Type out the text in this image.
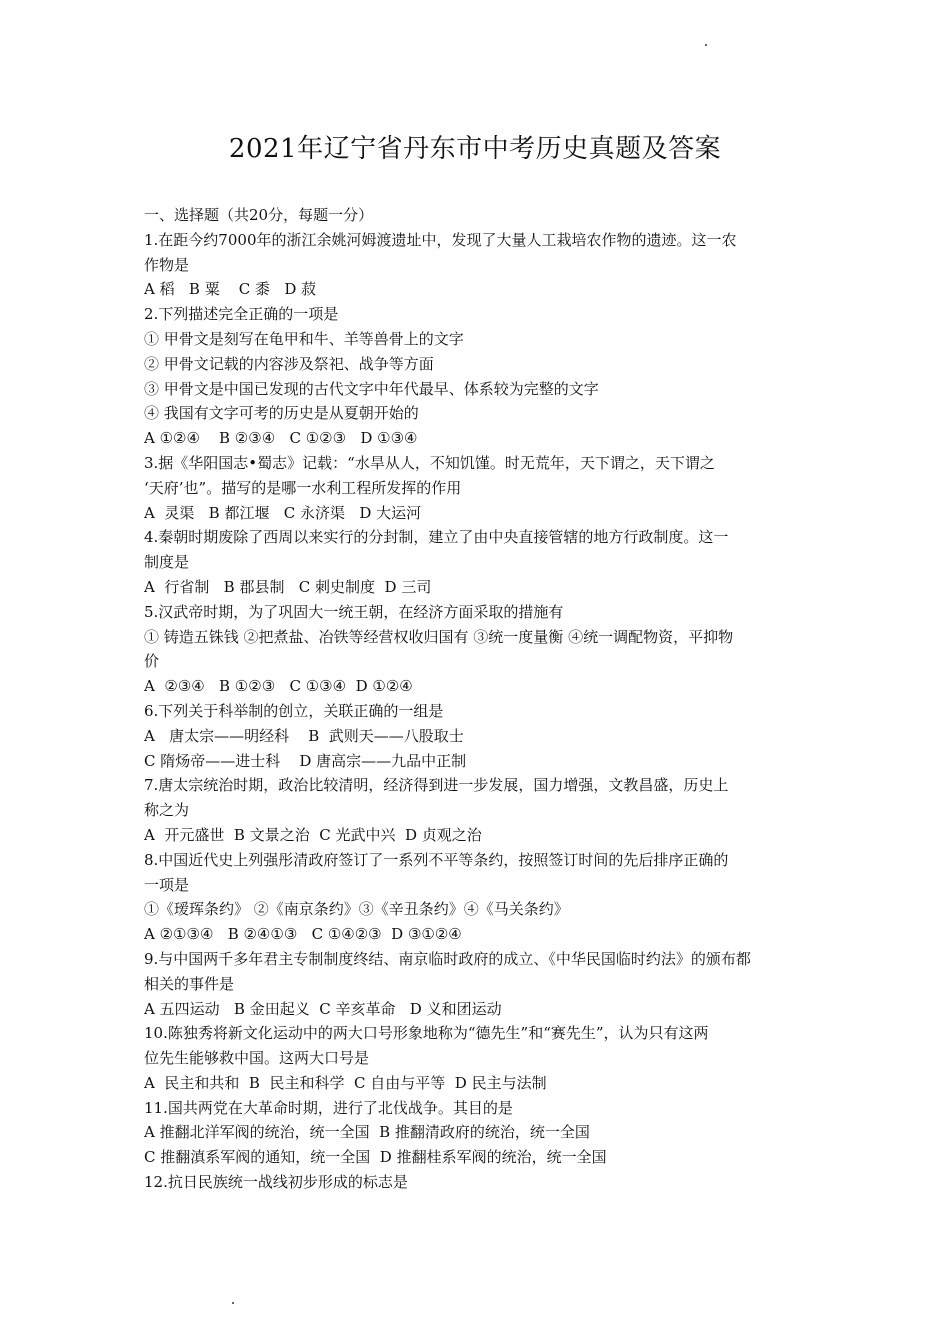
2021年辽宁省丹东市中考历史真题及答案
一、选择题（共20分，每题一分）
1.在距今约7000年的浙江余姚河姆渡遗址中，发现了大量人工栽培农作物的遗迹。这一农
作物是
A 稻   B 粟    C 黍   D 菽
2.下列描述完全正确的一项是
① 甲骨文是刻写在龟甲和牛、羊等兽骨上的文字
② 甲骨文记载的内容涉及祭祀、战争等方面
③ 甲骨文是中国已发现的古代文字中年代最早、体系较为完整的文字
④ 我国有文字可考的历史是从夏朝开始的
A ①②④    B ②③④   C ①②③   D ①③④
3.据《华阳国志•蜀志》记载：“水旱从人，不知饥馑。时无荒年，天下谓之，天下谓之
‘天府’也”。描写的是哪一水利工程所发挥的作用
A  灵渠   B 都江堰   C 永济渠   D 大运河
4.秦朝时期废除了西周以来实行的分封制，建立了由中央直接管辖的地方行政制度。这一
制度是
A  行省制   B 郡县制   C 刺史制度  D 三司
5.汉武帝时期，为了巩固大一统王朝，在经济方面采取的措施有
① 铸造五铢钱 ②把煮盐、冶铁等经营权收归国有 ③统一度量衡 ④统一调配物资，平抑物
价
A  ②③④   B ①②③   C ①③④  D ①②④
6.下列关于科举制的创立，关联正确的一组是
A   唐太宗——明经科    B  武则天——八股取士
C 隋炀帝——进士科    D 唐高宗——九品中正制
7.唐太宗统治时期，政治比较清明，经济得到进一步发展，国力增强，文教昌盛，历史上
称之为
A  开元盛世  B 文景之治  C 光武中兴  D 贞观之治
8.中国近代史上列强彤清政府签订了一系列不平等条约，按照签订时间的先后排序正确的
一项是
①《瑷珲条约》 ②《南京条约》③《辛丑条约》④《马关条约》
A ②①③④   B ②④①③   C ①④②③  D ③①②④
9.与中国两千多年君主专制制度终结、南京临时政府的成立、《中华民国临时约法》的颁布都
相关的事件是
A 五四运动   B 金田起义  C 辛亥革命   D 义和团运动
10.陈独秀将新文化运动中的两大口号形象地称为“德先生”和“赛先生”，认为只有这两
位先生能够救中国。这两大口号是
A  民主和共和  B  民主和科学  C 自由与平等  D 民主与法制
11.国共两党在大革命时期，进行了北伐战争。其目的是
A 推翻北洋军阀的统治，统一全国  B 推翻清政府的统治，统一全国
C 推翻滇系军阀的通知，统一全国  D 推翻桂系军阀的统治，统一全国
12.抗日民族统一战线初步形成的标志是
